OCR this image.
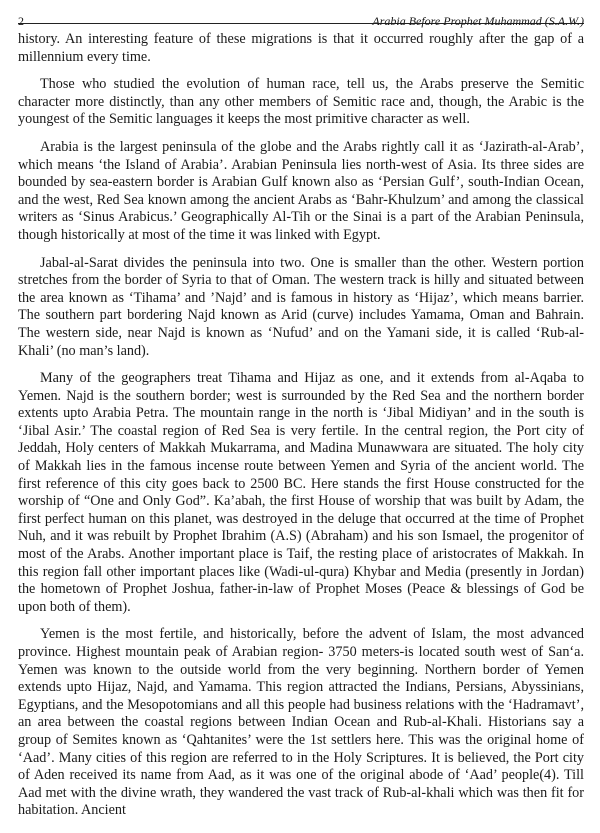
2	Arabia Before Prophet Muhammad (S.A.W.)

history. An interesting feature of these migrations is that it occurred roughly after the gap of a millennium every time.

Those who studied the evolution of human race, tell us, the Arabs preserve the Semitic character more distinctly, than any other members of Semitic race and, though, the Arabic is the youngest of the Semitic languages it keeps the most primitive character as well.

Arabia is the largest peninsula of the globe and the Arabs rightly call it as ‘Jazirath-al-Arab’, which means ‘the Island of Arabia’. Arabian Peninsula lies north-west of Asia. Its three sides are bounded by sea-eastern border is Arabian Gulf known also as ‘Persian Gulf’, south-Indian Ocean, and the west, Red Sea known among the ancient Arabs as ‘Bahr-Khulzum’ and among the classical writers as ‘Sinus Arabicus.’ Geographically Al-Tih or the Sinai is a part of the Arabian Peninsula, though historically at most of the time it was linked with Egypt.

Jabal-al-Sarat divides the peninsula into two. One is smaller than the other. Western portion stretches from the border of Syria to that of Oman. The western track is hilly and situated between the area known as ‘Tihama’ and ’Najd’ and is famous in history as ‘Hijaz’, which means barrier. The southern part bordering Najd known as Arid (curve) includes Yamama, Oman and Bahrain. The western side, near Najd is known as ‘Nufud’ and on the Yamani side, it is called ‘Rub-al-Khali’ (no man’s land).

Many of the geographers treat Tihama and Hijaz as one, and it extends from al-Aqaba to Yemen. Najd is the southern border; west is surrounded by the Red Sea and the northern border extents upto Arabia Petra. The mountain range in the north is ‘Jibal Midiyan’ and in the south is ‘Jibal Asir.’ The coastal region of Red Sea is very fertile. In the central region, the Port city of Jeddah, Holy centers of Makkah Mukarrama, and Madina Munawwara are situated. The holy city of Makkah lies in the famous incense route between Yemen and Syria of the ancient world. The first reference of this city goes back to 2500 BC. Here stands the first House constructed for the worship of “One and Only God”. Ka’abah, the first House of worship that was built by Adam, the first perfect human on this planet, was destroyed in the deluge that occurred at the time of Prophet Nuh, and it was rebuilt by Prophet Ibrahim (A.S) (Abraham) and his son Ismael, the progenitor of most of the Arabs. Another important place is Taif, the resting place of aristocrates of Makkah. In this region fall other important places like (Wadi-ul-qura) Khybar and Media (presently in Jordan) the hometown of Prophet Joshua, father-in-law of Prophet Moses (Peace & blessings of God be upon both of them).

Yemen is the most fertile, and historically, before the advent of Islam, the most advanced province. Highest mountain peak of Arabian region- 3750 meters-is located south west of San‘a. Yemen was known to the outside world from the very beginning. Northern border of Yemen extends upto Hijaz, Najd, and Yamama. This region attracted the Indians, Persians, Abyssinians, Egyptians, and the Mesopotomians and all this people had business relations with the ‘Hadramavt’, an area between the coastal regions between Indian Ocean and Rub-al-Khali. Historians say a group of Semites known as ‘Qahtanites’ were the 1st settlers here. This was the original home of ‘Aad’. Many cities of this region are referred to in the Holy Scriptures. It is believed, the Port city of Aden received its name from Aad, as it was one of the original abode of ‘Aad’ people(4). Till Aad met with the divine wrath, they wandered the vast track of Rub-al-khali which was then fit for habitation. Ancient
